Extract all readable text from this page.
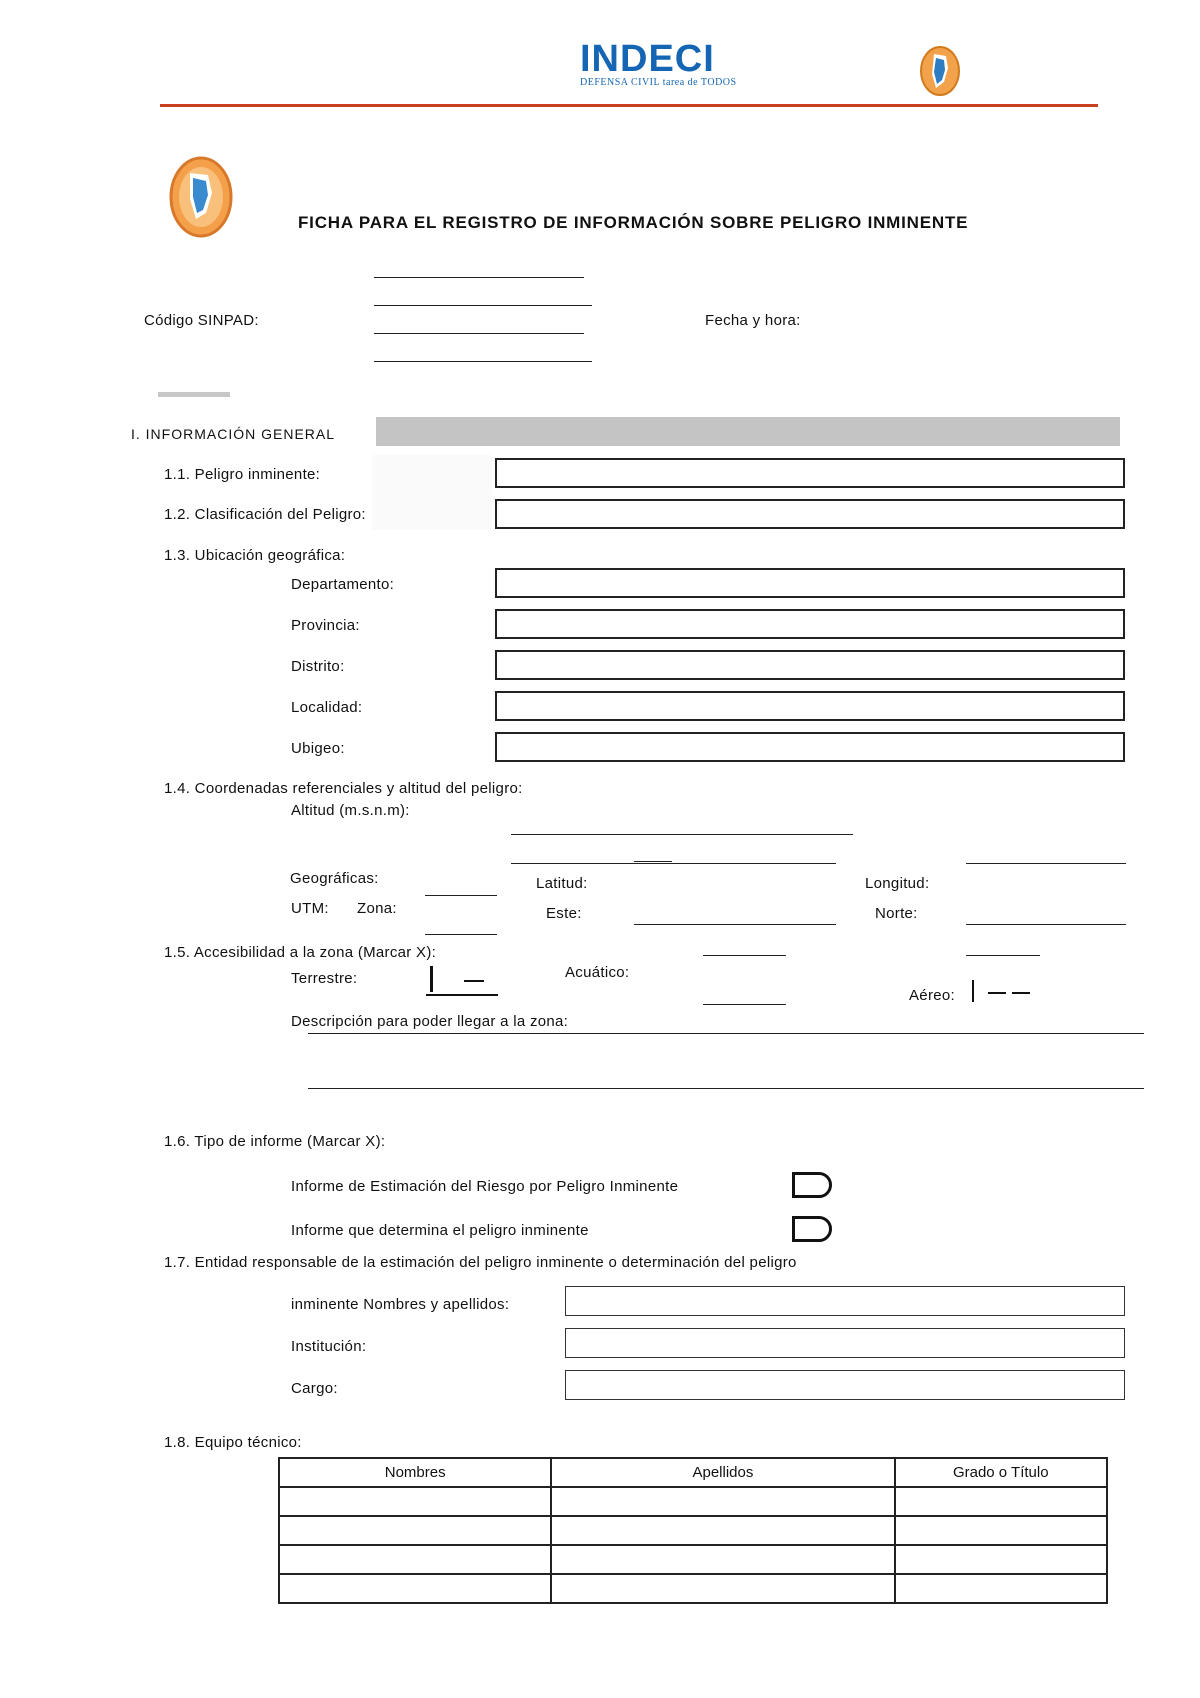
INDECI
DEFENSA CIVIL tarea de TODOS
FICHA PARA EL REGISTRO DE INFORMACIÓN SOBRE PELIGRO INMINENTE
Código SINPAD:	Fecha y hora:
I. INFORMACIÓN GENERAL
1.1. Peligro inminente:
1.2. Clasificación del Peligro:
1.3. Ubicación geográfica:
Departamento:
Provincia:
Distrito:
Localidad:
Ubigeo:
1.4. Coordenadas referenciales y altitud del peligro:
Altitud (m.s.n.m):
Geográficas:	Latitud:	Longitud:
UTM: Zona:	Este:	Norte:
1.5. Accesibilidad a la zona (Marcar X):
Terrestre:	Acuático:
Aéreo:
Descripción para poder llegar a la zona:
1.6. Tipo de informe (Marcar X):
Informe de Estimación del Riesgo por Peligro Inminente
Informe que determina el peligro inminente
1.7. Entidad responsable de la estimación del peligro inminente o determinación del peligro
inminente Nombres y apellidos:
Institución:
Cargo:
1.8. Equipo técnico:
Nombres	Apellidos	Grado o Título
